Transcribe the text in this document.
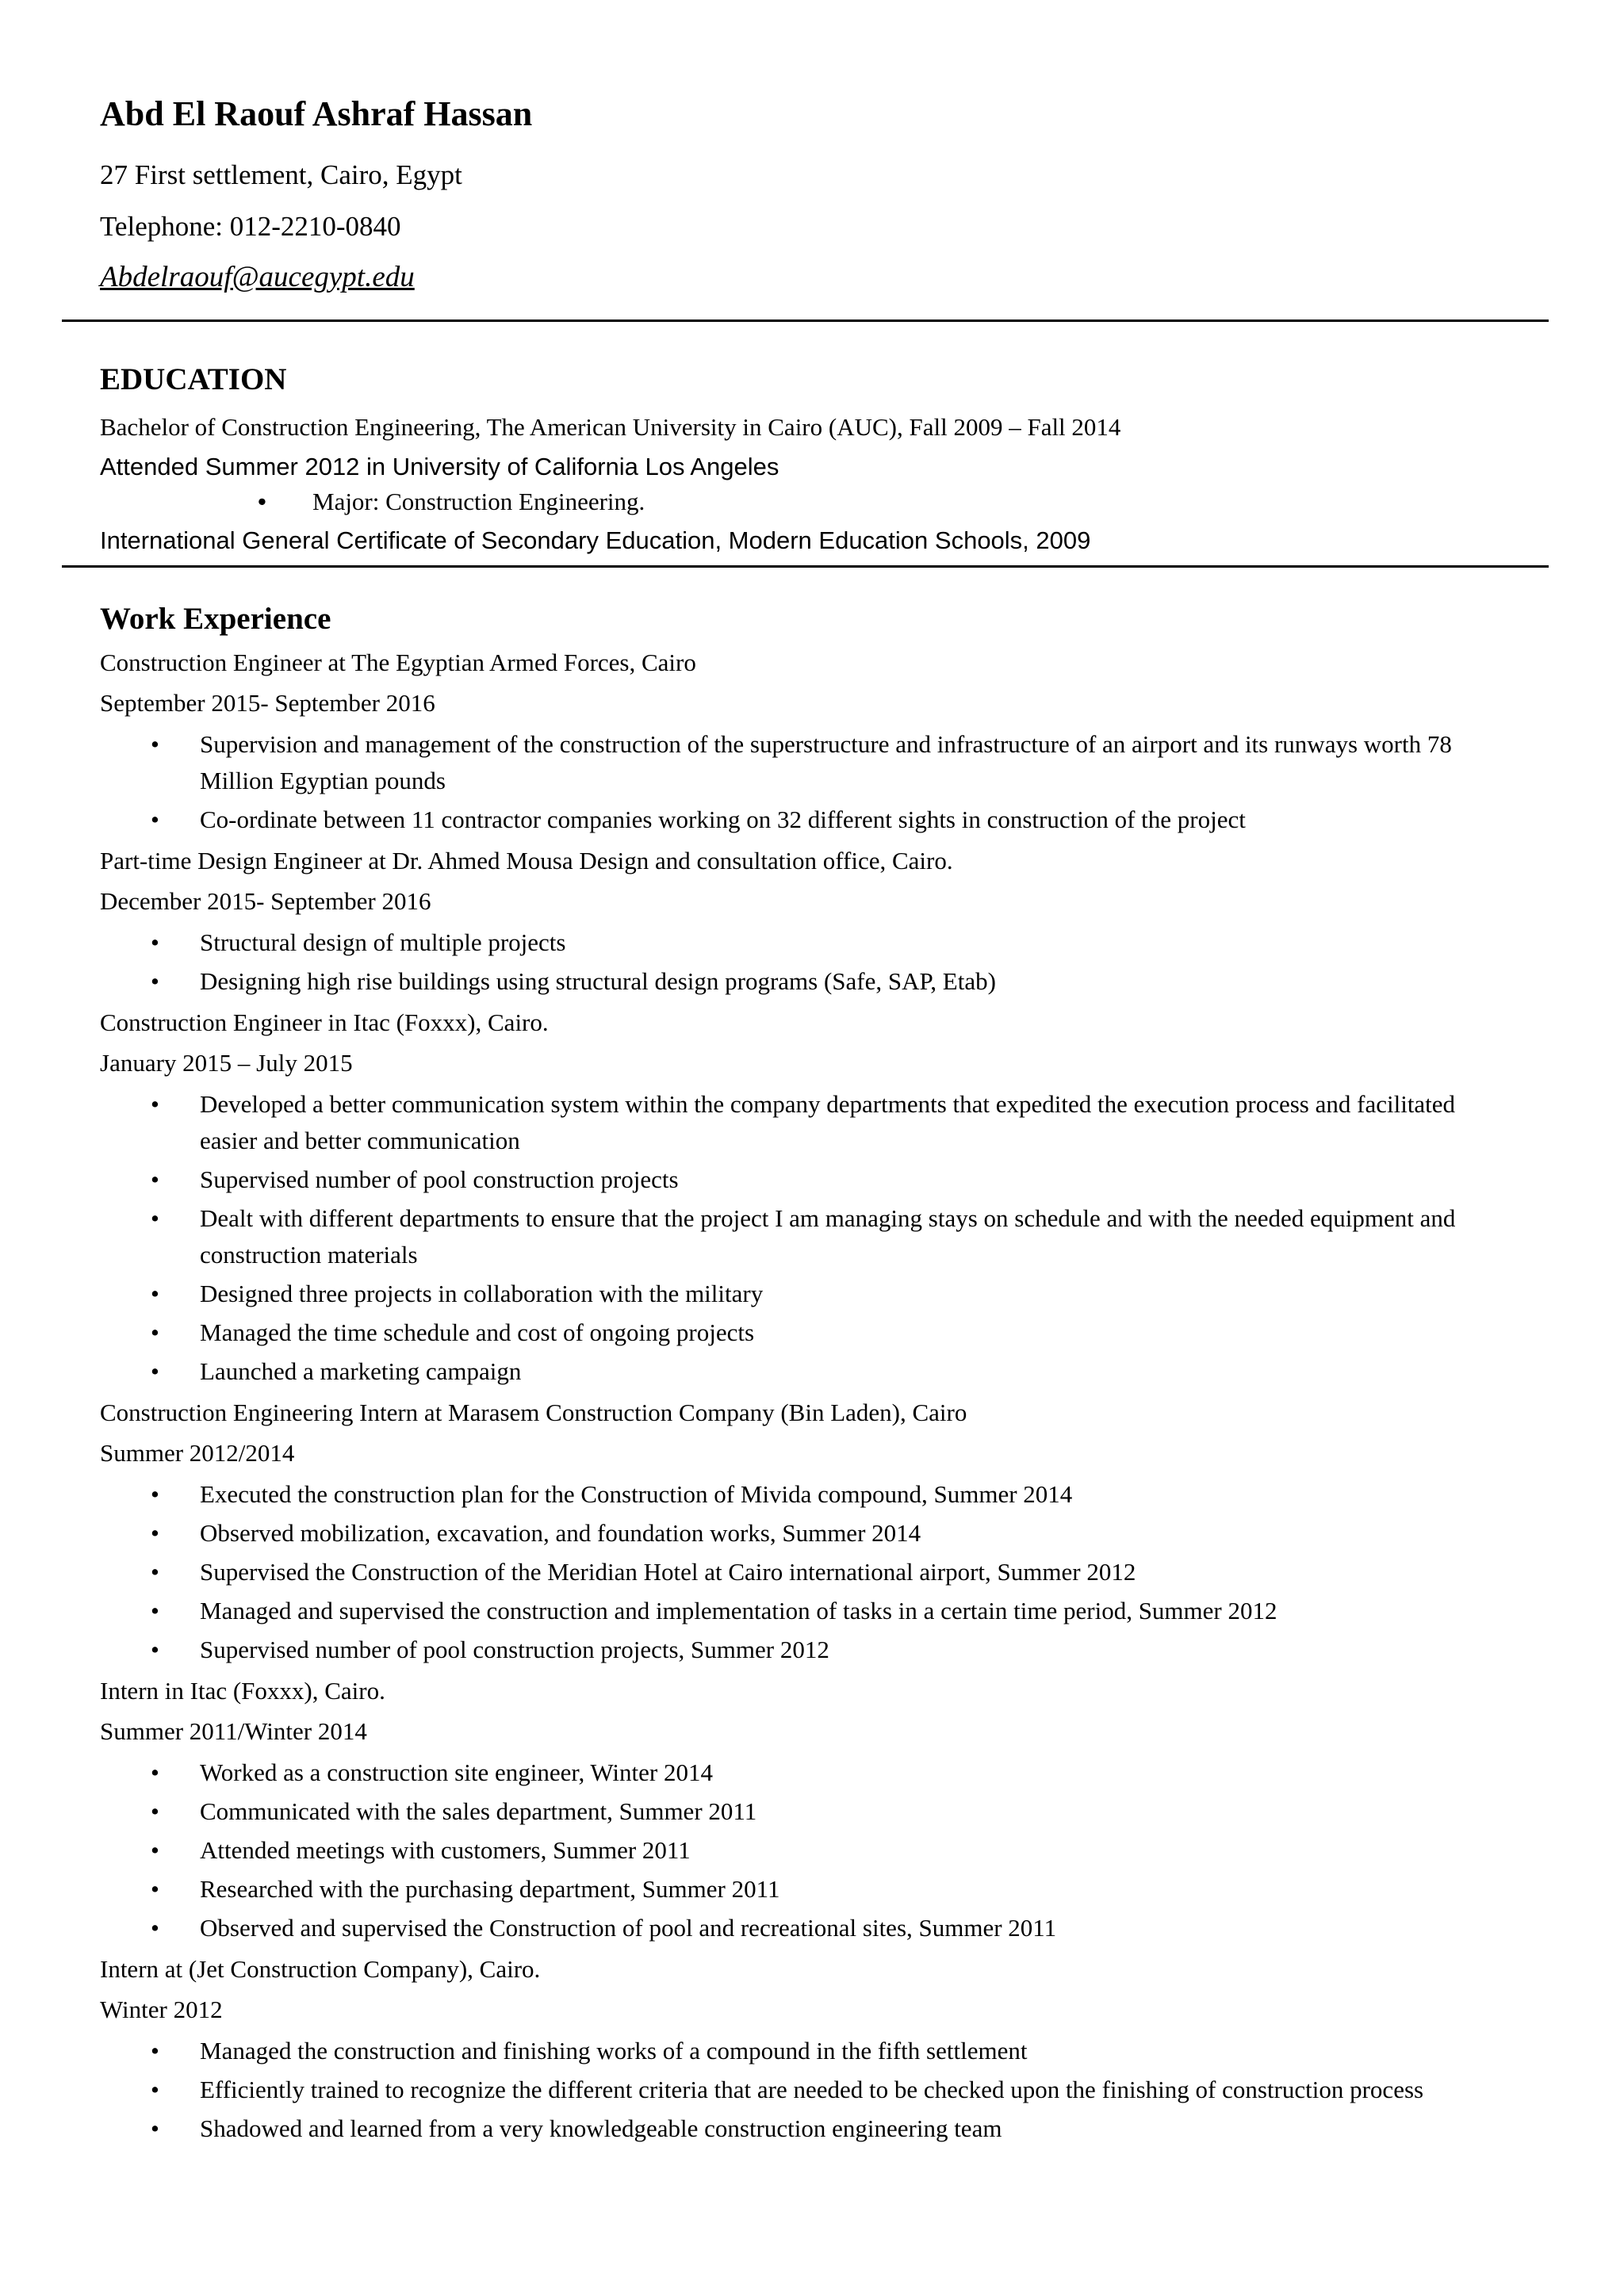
Abd El Raouf Ashraf Hassan
27 First settlement, Cairo, Egypt
Telephone: 012-2210-0840
Abdelraouf@aucegypt.edu
EDUCATION
Bachelor of Construction Engineering, The American University in Cairo (AUC), Fall 2009 – Fall 2014
Attended Summer 2012 in University of California Los Angeles
• Major: Construction Engineering.
International General Certificate of Secondary Education, Modern Education Schools, 2009
Work Experience
Construction Engineer at The Egyptian Armed Forces, Cairo
September 2015- September 2016
• Supervision and management of the construction of the superstructure and infrastructure of an airport and its runways worth 78 Million Egyptian pounds
• Co-ordinate between 11 contractor companies working on 32 different sights in construction of the project
Part-time Design Engineer at Dr. Ahmed Mousa Design and consultation office, Cairo.
December 2015- September 2016
• Structural design of multiple projects
• Designing high rise buildings using structural design programs (Safe, SAP, Etab)
Construction Engineer in Itac (Foxxx), Cairo.
January 2015 – July 2015
• Developed a better communication system within the company departments that expedited the execution process and facilitated easier and better communication
• Supervised number of pool construction projects
• Dealt with different departments to ensure that the project I am managing stays on schedule and with the needed equipment and construction materials
• Designed three projects in collaboration with the military
• Managed the time schedule and cost of ongoing projects
• Launched a marketing campaign
Construction Engineering Intern at Marasem Construction Company (Bin Laden), Cairo
Summer 2012/2014
• Executed the construction plan for the Construction of Mivida compound, Summer 2014
• Observed mobilization, excavation, and foundation works, Summer 2014
• Supervised the Construction of the Meridian Hotel at Cairo international airport, Summer 2012
• Managed and supervised the construction and implementation of tasks in a certain time period, Summer 2012
• Supervised number of pool construction projects, Summer 2012
Intern in Itac (Foxxx), Cairo.
Summer 2011/Winter 2014
• Worked as a construction site engineer, Winter 2014
• Communicated with the sales department, Summer 2011
• Attended meetings with customers, Summer 2011
• Researched with the purchasing department, Summer 2011
• Observed and supervised the Construction of pool and recreational sites, Summer 2011
Intern at (Jet Construction Company), Cairo.
Winter 2012
• Managed the construction and finishing works of a compound in the fifth settlement
• Efficiently trained to recognize the different criteria that are needed to be checked upon the finishing of construction process
• Shadowed and learned from a very knowledgeable construction engineering team
